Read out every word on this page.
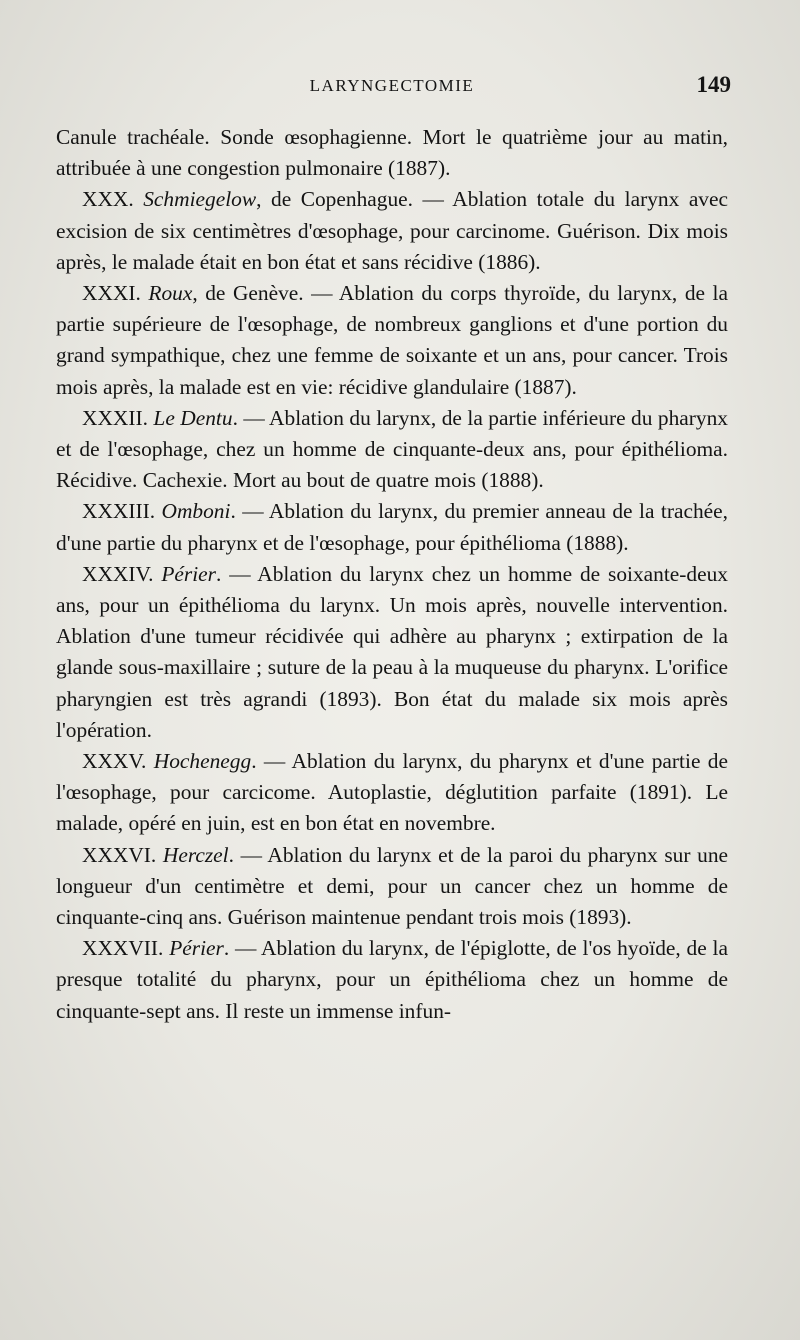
LARYNGECTOMIE	149

Canule trachéale. Sonde œsophagienne. Mort le quatrième jour au matin, attribuée à une congestion pulmonaire (1887).

XXX. Schmiegelow, de Copenhague. — Ablation totale du larynx avec excision de six centimètres d'œsophage, pour carcinome. Guérison. Dix mois après, le malade était en bon état et sans récidive (1886).

XXXI. Roux, de Genève. — Ablation du corps thyroïde, du larynx, de la partie supérieure de l'œsophage, de nombreux ganglions et d'une portion du grand sympathique, chez une femme de soixante et un ans, pour cancer. Trois mois après, la malade est en vie: récidive glandulaire (1887).

XXXII. Le Dentu. — Ablation du larynx, de la partie inférieure du pharynx et de l'œsophage, chez un homme de cinquante-deux ans, pour épithélioma. Récidive. Cachexie. Mort au bout de quatre mois (1888).

XXXIII. Omboni. — Ablation du larynx, du premier anneau de la trachée, d'une partie du pharynx et de l'œsophage, pour épithélioma (1888).

XXXIV. Périer. — Ablation du larynx chez un homme de soixante-deux ans, pour un épithélioma du larynx. Un mois après, nouvelle intervention. Ablation d'une tumeur récidivée qui adhère au pharynx ; extirpation de la glande sous-maxillaire ; suture de la peau à la muqueuse du pharynx. L'orifice pharyngien est très agrandi (1893). Bon état du malade six mois après l'opération.

XXXV. Hochenegg. — Ablation du larynx, du pharynx et d'une partie de l'œsophage, pour carcicome. Autoplastie, déglutition parfaite (1891). Le malade, opéré en juin, est en bon état en novembre.

XXXVI. Herczel. — Ablation du larynx et de la paroi du pharynx sur une longueur d'un centimètre et demi, pour un cancer chez un homme de cinquante-cinq ans. Guérison maintenue pendant trois mois (1893).

XXXVII. Périer. — Ablation du larynx, de l'épiglotte, de l'os hyoïde, de la presque totalité du pharynx, pour un épithélioma chez un homme de cinquante-sept ans. Il reste un immense infun-
